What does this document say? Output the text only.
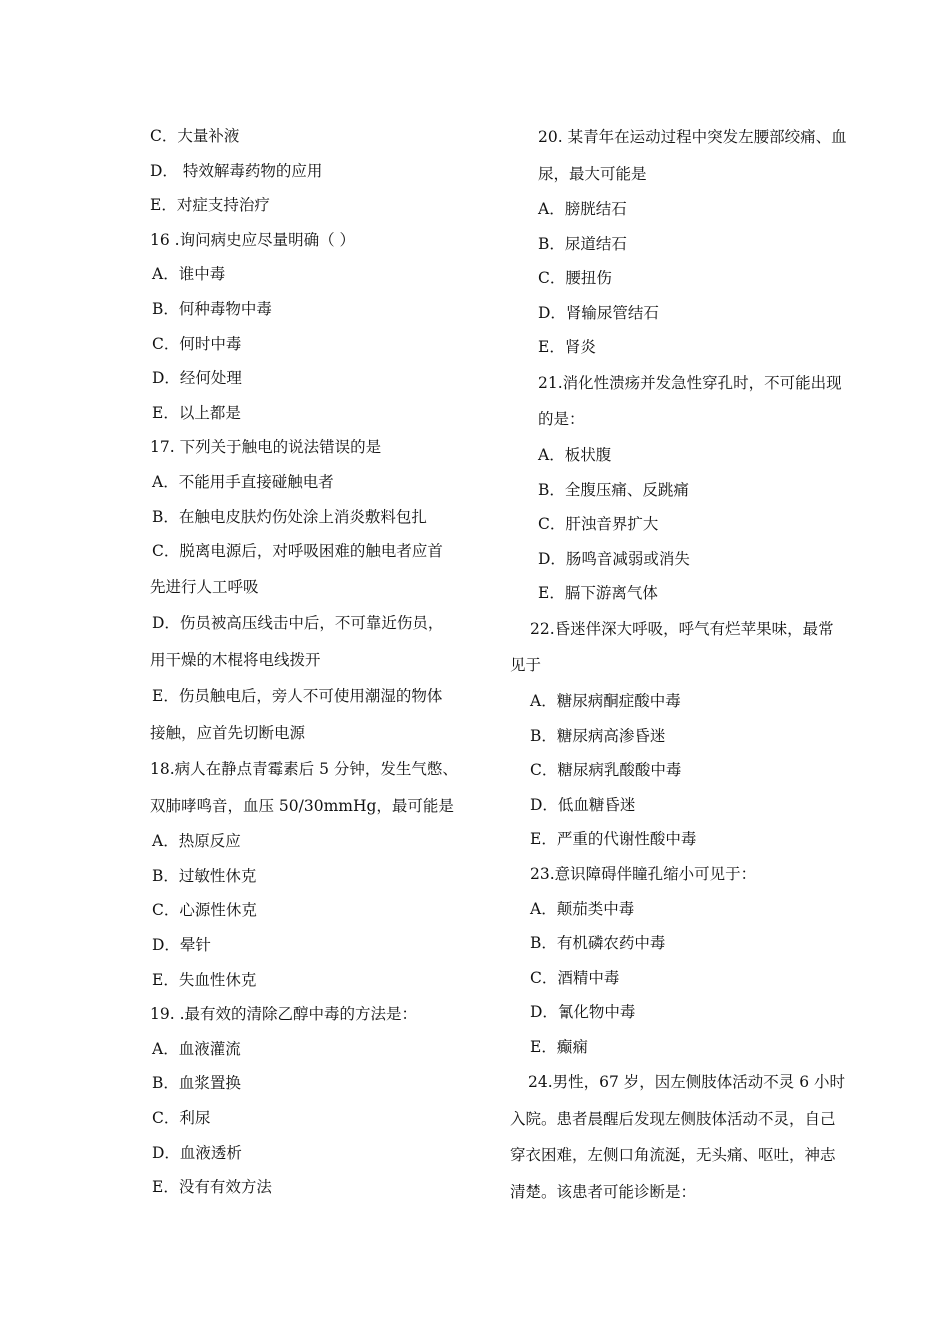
C．大量补液
D． 特效解毒药物的应用
E．对症支持治疗
16 .询问病史应尽量明确（ ）
A．谁中毒
B．何种毒物中毒
C．何时中毒
D．经何处理
E．以上都是
17. 下列关于触电的说法错误的是
A．不能用手直接碰触电者
B．在触电皮肤灼伤处涂上消炎敷料包扎
C．脱离电源后，对呼吸困难的触电者应首
先进行人工呼吸
D．伤员被高压线击中后，不可靠近伤员，
用干燥的木棍将电线拨开
E．伤员触电后，旁人不可使用潮湿的物体
接触，应首先切断电源
18.病人在静点青霉素后 5 分钟，发生气憋、
双肺哮鸣音，血压 50/30mmHg，最可能是
A．热原反应
B．过敏性休克
C．心源性休克
D．晕针
E．失血性休克
19. .最有效的清除乙醇中毒的方法是：
A．血液灌流
B．血浆置换
C．利尿
D．血液透析
E．没有有效方法
20. 某青年在运动过程中突发左腰部绞痛、血
尿，最大可能是
A．膀胱结石
B．尿道结石
C．腰扭伤
D．肾输尿管结石
E．肾炎
21.消化性溃疡并发急性穿孔时，不可能出现
的是：
A．板状腹
B．全腹压痛、反跳痛
C．肝浊音界扩大
D．肠鸣音减弱或消失
E．膈下游离气体
22.昏迷伴深大呼吸，呼气有烂苹果味，最常
见于
A．糖尿病酮症酸中毒
B．糖尿病高渗昏迷
C．糖尿病乳酸酸中毒
D．低血糖昏迷
E．严重的代谢性酸中毒
23.意识障碍伴瞳孔缩小可见于：
A．颠茄类中毒
B．有机磷农药中毒
C．酒精中毒
D．氰化物中毒
E．癫痫
24.男性，67 岁，因左侧肢体活动不灵 6 小时
入院。患者晨醒后发现左侧肢体活动不灵，自己
穿衣困难，左侧口角流涎，无头痛、呕吐，神志
清楚。该患者可能诊断是：
